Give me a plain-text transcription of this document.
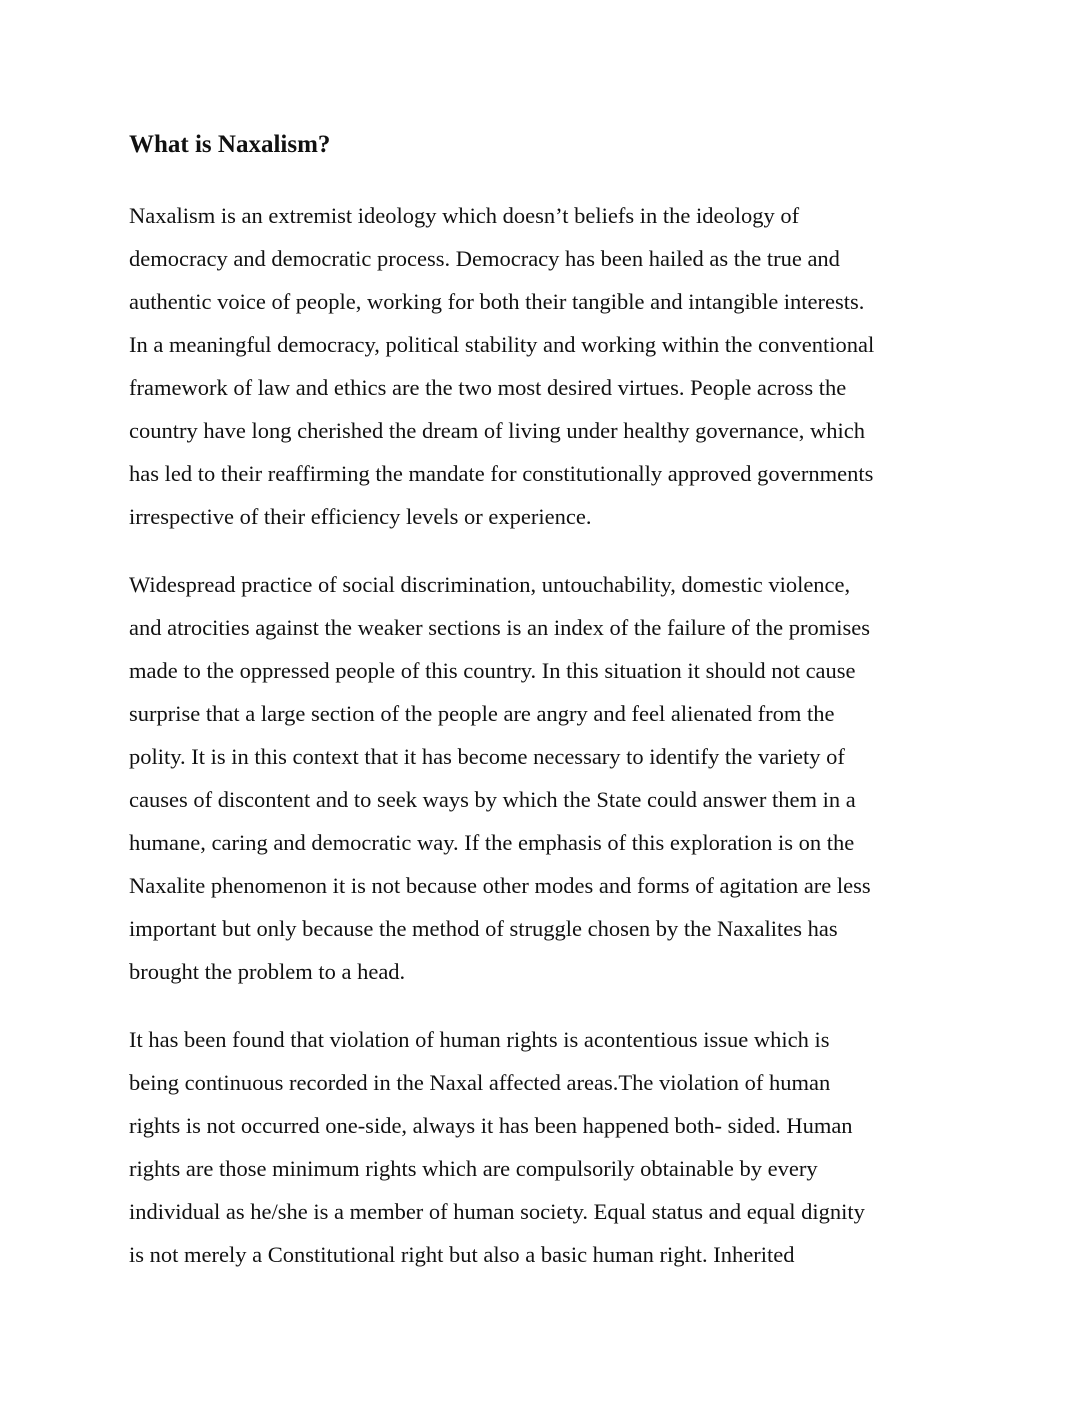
What is Naxalism?

Naxalism is an extremist ideology which doesn’t beliefs in the ideology of
democracy and democratic process. Democracy has been hailed as the true and
authentic voice of people, working for both their tangible and intangible interests.
In a meaningful democracy, political stability and working within the conventional
framework of law and ethics are the two most desired virtues. People across the
country have long cherished the dream of living under healthy governance, which
has led to their reaffirming the mandate for constitutionally approved governments
irrespective of their efficiency levels or experience.

Widespread practice of social discrimination, untouchability, domestic violence,
and atrocities against the weaker sections is an index of the failure of the promises
made to the oppressed people of this country. In this situation it should not cause
surprise that a large section of the people are angry and feel alienated from the
polity. It is in this context that it has become necessary to identify the variety of
causes of discontent and to seek ways by which the State could answer them in a
humane, caring and democratic way. If the emphasis of this exploration is on the
Naxalite phenomenon it is not because other modes and forms of agitation are less
important but only because the method of struggle chosen by the Naxalites has
brought the problem to a head.

It has been found that violation of human rights is acontentious issue which is
being continuous recorded in the Naxal affected areas.The violation of human
rights is not occurred one-side, always it has been happened both- sided. Human
rights are those minimum rights which are compulsorily obtainable by every
individual as he/she is a member of human society. Equal status and equal dignity
is not merely a Constitutional right but also a basic human right. Inherited
